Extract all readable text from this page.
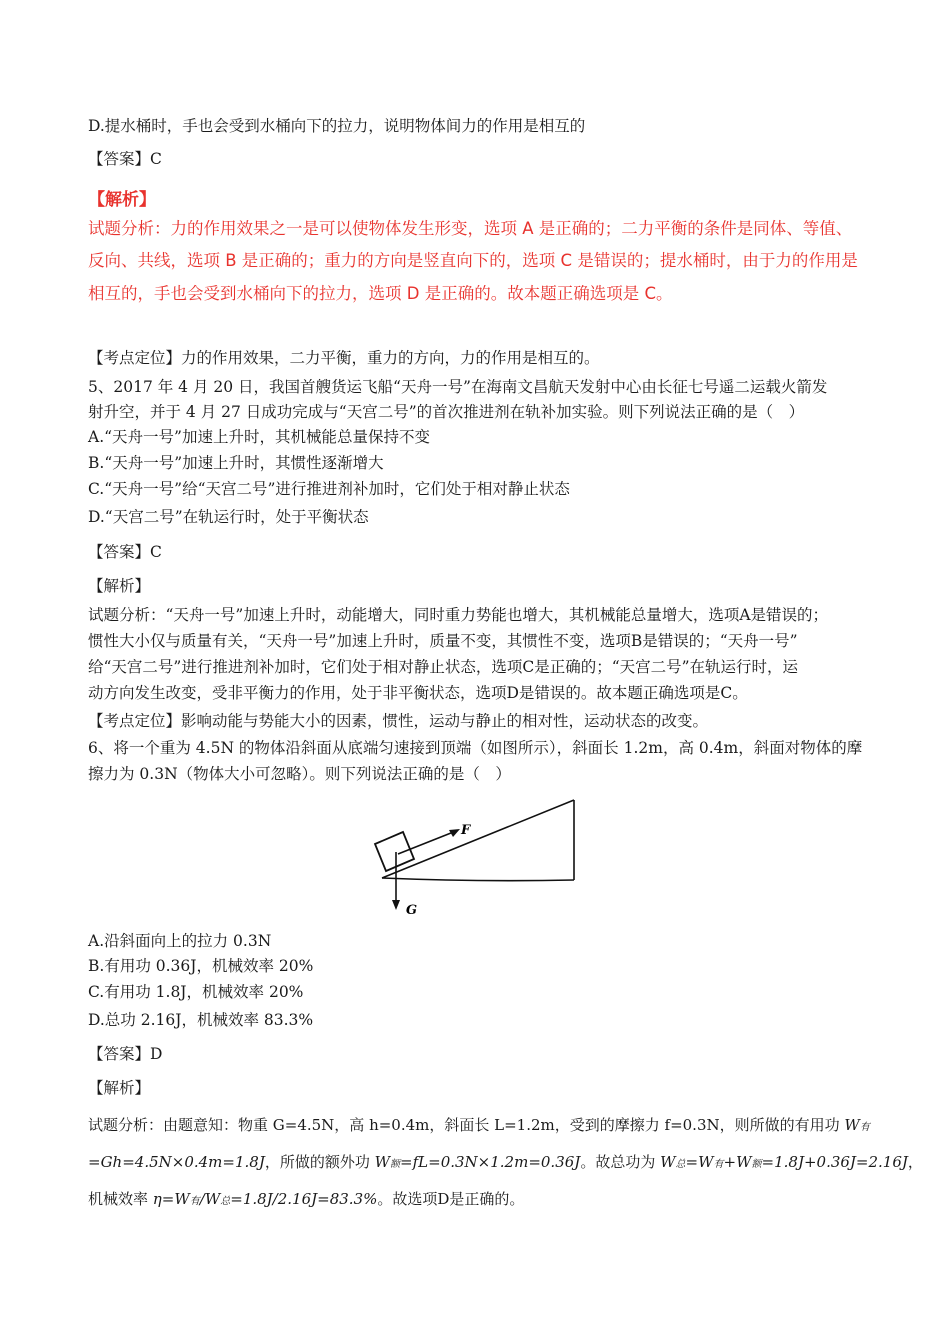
D.提水桶时，手也会受到水桶向下的拉力，说明物体间力的作用是相互的
【答案】C
【解析】
试题分析：力的作用效果之一是可以使物体发生形变，选项 A 是正确的；二力平衡的条件是同体、等值、
反向、共线，选项 B 是正确的；重力的方向是竖直向下的，选项 C 是错误的；提水桶时，由于力的作用是
相互的，手也会受到水桶向下的拉力，选项 D 是正确的。故本题正确选项是 C。
【考点定位】力的作用效果，二力平衡，重力的方向，力的作用是相互的。
5、2017 年 4 月 20 日，我国首艘货运飞船“天舟一号”在海南文昌航天发射中心由长征七号遥二运载火箭发
射升空，并于 4 月 27 日成功完成与“天宫二号”的首次推进剂在轨补加实验。则下列说法正确的是（　）
A.“天舟一号”加速上升时，其机械能总量保持不变
B.“天舟一号”加速上升时，其惯性逐渐增大
C.“天舟一号”给“天宫二号”进行推进剂补加时，它们处于相对静止状态
D.“天宫二号”在轨运行时，处于平衡状态
【答案】C
【解析】
试题分析：“天舟一号”加速上升时，动能增大，同时重力势能也增大，其机械能总量增大，选项A是错误的；
惯性大小仅与质量有关，“天舟一号”加速上升时，质量不变，其惯性不变，选项B是错误的；“天舟一号”
给“天宫二号”进行推进剂补加时，它们处于相对静止状态，选项C是正确的；“天宫二号”在轨运行时，运
动方向发生改变，受非平衡力的作用，处于非平衡状态，选项D是错误的。故本题正确选项是C。
【考点定位】影响动能与势能大小的因素，惯性，运动与静止的相对性，运动状态的改变。
6、将一个重为 4.5N 的物体沿斜面从底端匀速接到顶端（如图所示），斜面长 1.2m，高 0.4m，斜面对物体的摩
擦力为 0.3N（物体大小可忽略）。则下列说法正确的是（　）
F
G
A.沿斜面向上的拉力 0.3N
B.有用功 0.36J，机械效率 20%
C.有用功 1.8J，机械效率 20%
D.总功 2.16J，机械效率 83.3%
【答案】D
【解析】
试题分析：由题意知：物重 G=4.5N，高 h=0.4m，斜面长 L=1.2m，受到的摩擦力 f=0.3N，则所做的有用功 W有
=Gh=4.5N×0.4m=1.8J，所做的额外功 W额=fL=0.3N×1.2m=0.36J。故总功为 W总=W有+W额=1.8J+0.36J=2.16J，
机械效率 η=W有/W总=1.8J/2.16J=83.3%。故选项D是正确的。
